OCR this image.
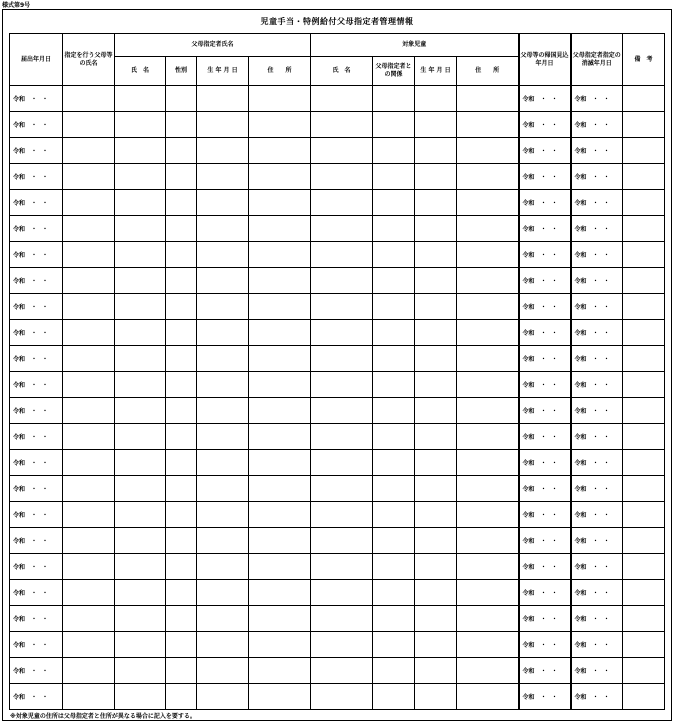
様式第9号
児童手当・特例給付父母指定者管理情報
届出年月日	指定を行う父母等の氏名	父母指定者氏名				対象児童				父母等の帰国見込年月日	父母指定者指定の消滅年月日	備　考
		氏　名	性別	生 年 月 日	住　　所	氏　名	父母指定者との関係	生 年 月 日	住　　所			
令和 ・・										令和 ・・	令和 ・・	
令和 ・・										令和 ・・	令和 ・・	
令和 ・・										令和 ・・	令和 ・・	
令和 ・・										令和 ・・	令和 ・・	
令和 ・・										令和 ・・	令和 ・・	
令和 ・・										令和 ・・	令和 ・・	
令和 ・・										令和 ・・	令和 ・・	
令和 ・・										令和 ・・	令和 ・・	
令和 ・・										令和 ・・	令和 ・・	
令和 ・・										令和 ・・	令和 ・・	
令和 ・・										令和 ・・	令和 ・・	
令和 ・・										令和 ・・	令和 ・・	
令和 ・・										令和 ・・	令和 ・・	
令和 ・・										令和 ・・	令和 ・・	
令和 ・・										令和 ・・	令和 ・・	
令和 ・・										令和 ・・	令和 ・・	
令和 ・・										令和 ・・	令和 ・・	
令和 ・・										令和 ・・	令和 ・・	
令和 ・・										令和 ・・	令和 ・・	
令和 ・・										令和 ・・	令和 ・・	
令和 ・・										令和 ・・	令和 ・・	
令和 ・・										令和 ・・	令和 ・・	
令和 ・・										令和 ・・	令和 ・・	
令和 ・・										令和 ・・	令和 ・・	
※対象児童の住所は父母指定者と住所が異なる場合に記入を要する。
